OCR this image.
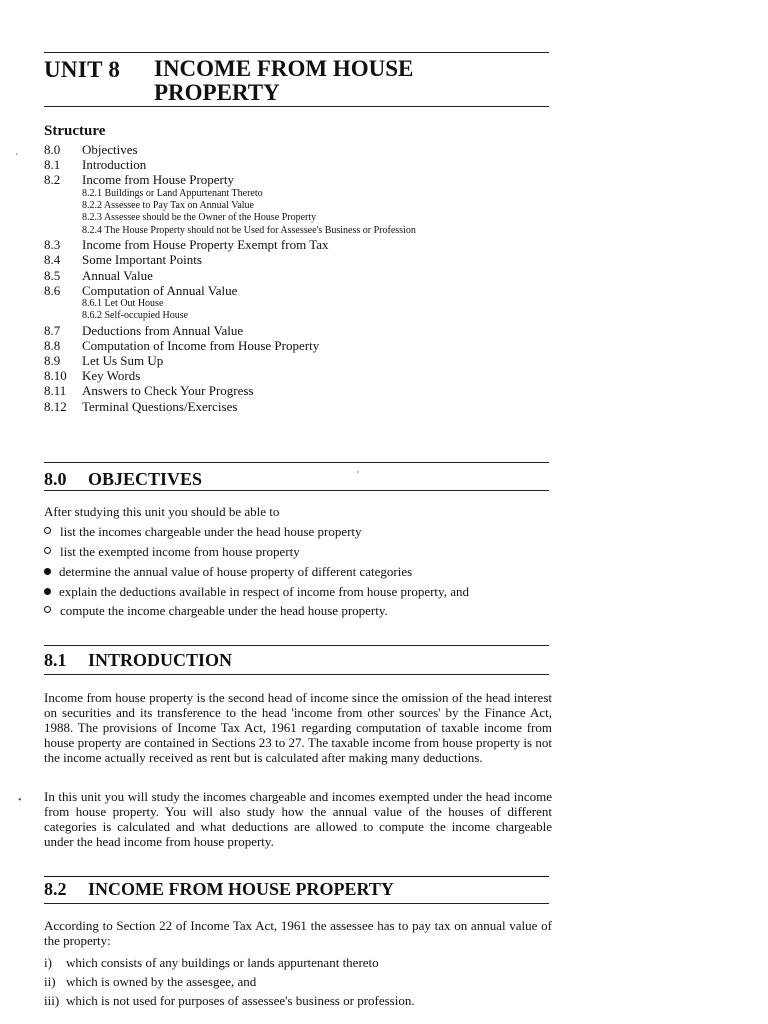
UNIT 8 INCOME FROM HOUSE
PROPERTY
Structure
8.0	Objectives
8.1	Introduction
8.2	Income from House Property
8.2.1 Buildings or Land Appurtenant Thereto
8.2.2 Assessee to Pay Tax on Annual Value
8.2.3 Assessee should be the Owner of the House Property
8.2.4 The House Property should not be Used for Assessee's Business or Profession
8.3	Income from House Property Exempt from Tax
8.4	Some Important Points
8.5	Annual Value
8.6	Computation of Annual Value
8.6.1 Let Out House
8.6.2 Self-occupied House
8.7	Deductions from Annual Value
8.8	Computation of Income from House Property
8.9	Let Us Sum Up
8.10	Key Words
8.11	Answers to Check Your Progress
8.12	Terminal Questions/Exercises
8.0 OBJECTIVES
After studying this unit you should be able to
list the incomes chargeable under the head house property
list the exempted income from house property
determine the annual value of house property of different categories
explain the deductions available in respect of income from house property, and
compute the income chargeable under the head house property.
8.1 INTRODUCTION
Income from house property is the second head of income since the omission of the head interest on securities and its transference to the head 'income from other sources' by the Finance Act, 1988. The provisions of Income Tax Act, 1961 regarding computation of taxable income from house property are contained in Sections 23 to 27. The taxable income from house property is not the income actually received as rent but is calculated after making many deductions.
In this unit you will study the incomes chargeable and incomes exempted under the head income from house property. You will also study how the annual value of the houses of different categories is calculated and what deductions are allowed to compute the income chargeable under the head income from house property.
8.2 INCOME FROM HOUSE PROPERTY
According to Section 22 of Income Tax Act, 1961 the assessee has to pay tax on annual value of the property:
i) which consists of any buildings or lands appurtenant thereto
ii) which is owned by the assesgee, and
iii) which is not used for purposes of assessee's business or profession.
'
•
'
